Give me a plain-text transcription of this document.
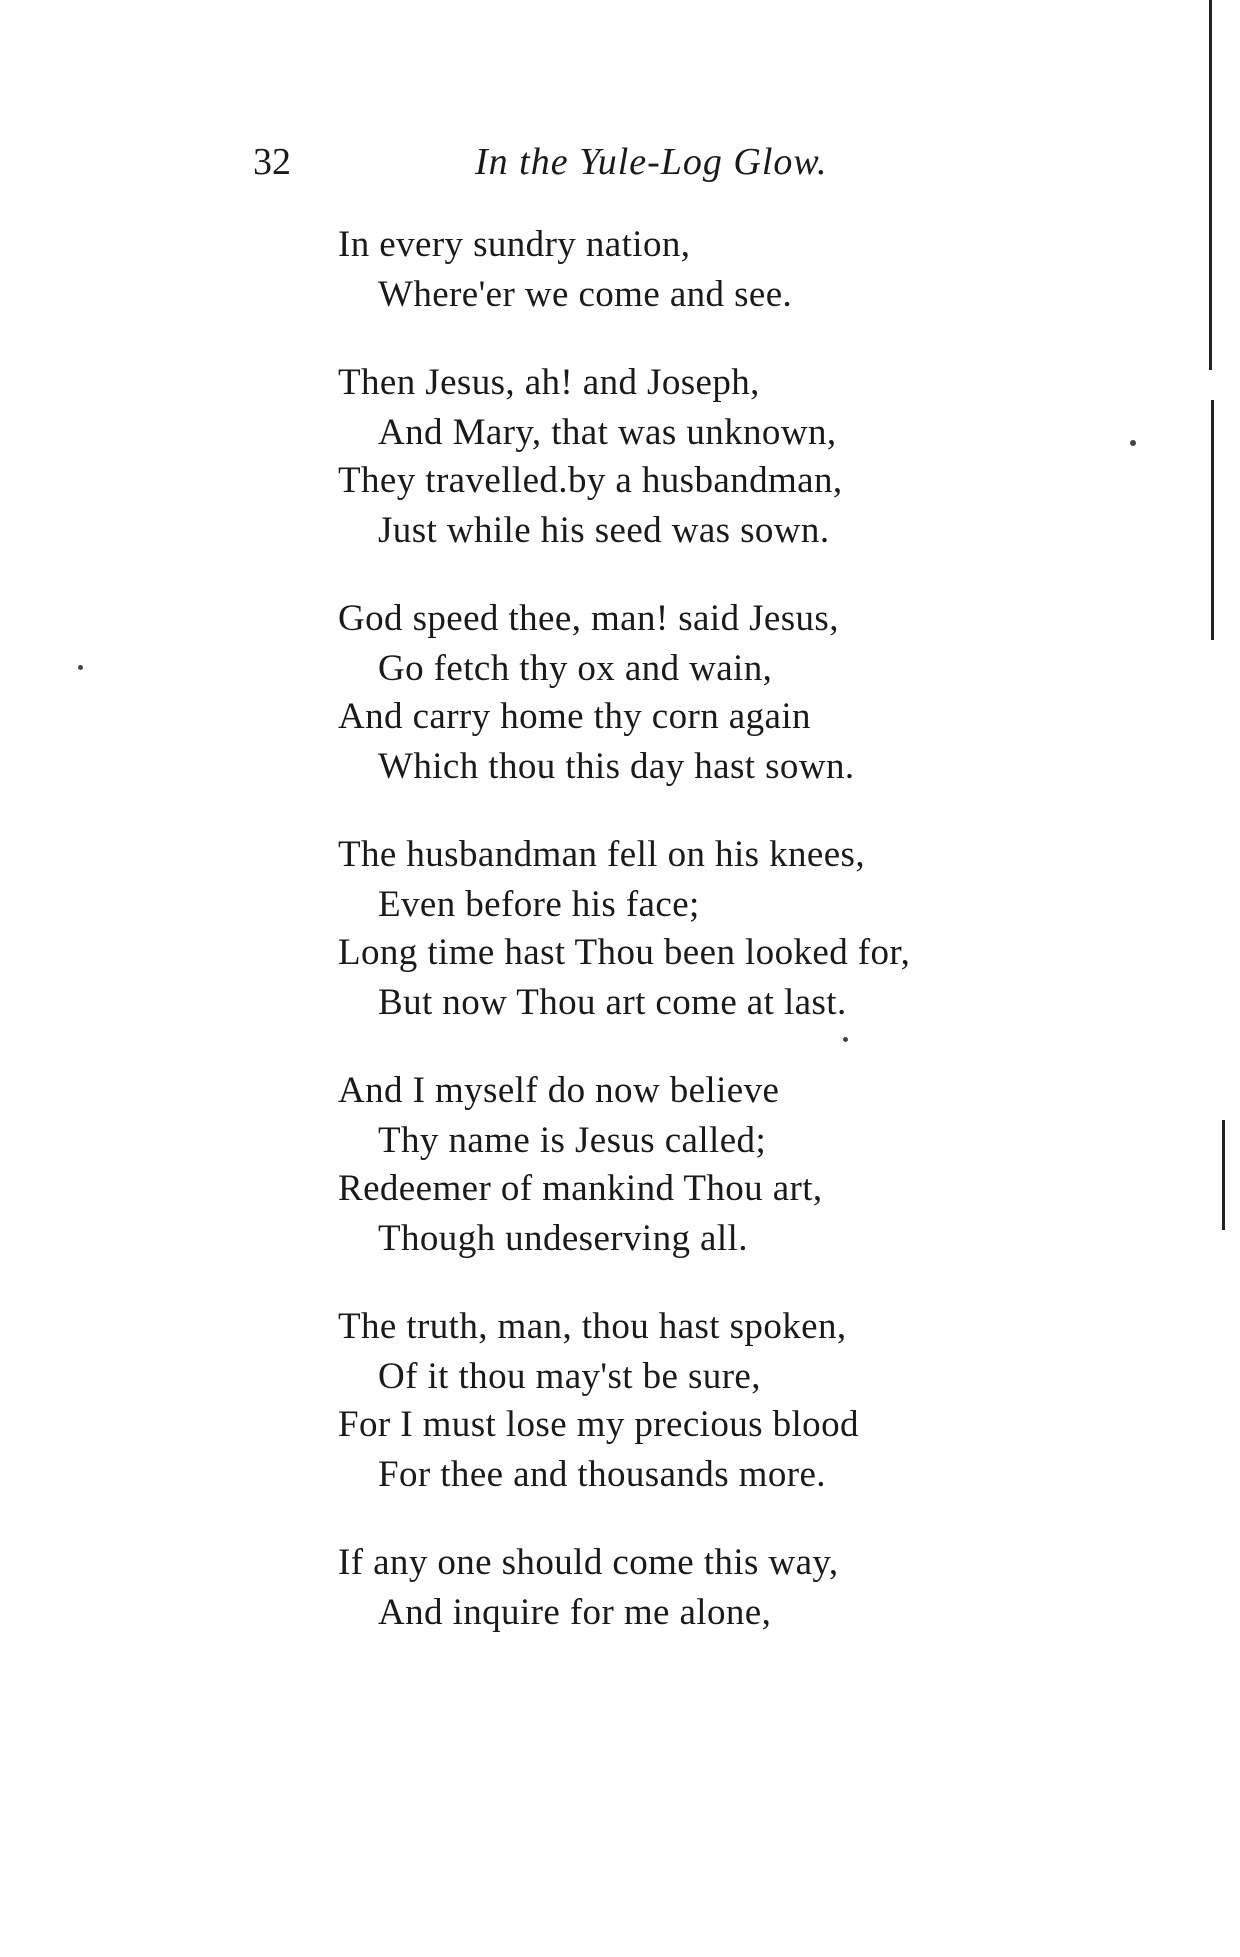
32	In the Yule-Log Glow.
In every sundry nation,
Where'er we come and see.
Then Jesus, ah! and Joseph,
And Mary, that was unknown,
They travelled.by a husbandman,
Just while his seed was sown.
God speed thee, man! said Jesus,
Go fetch thy ox and wain,
And carry home thy corn again
Which thou this day hast sown.
The husbandman fell on his knees,
Even before his face;
Long time hast Thou been looked for,
But now Thou art come at last.
And I myself do now believe
Thy name is Jesus called;
Redeemer of mankind Thou art,
Though undeserving all.
The truth, man, thou hast spoken,
Of it thou may'st be sure,
For I must lose my precious blood
For thee and thousands more.
If any one should come this way,
And inquire for me alone,
